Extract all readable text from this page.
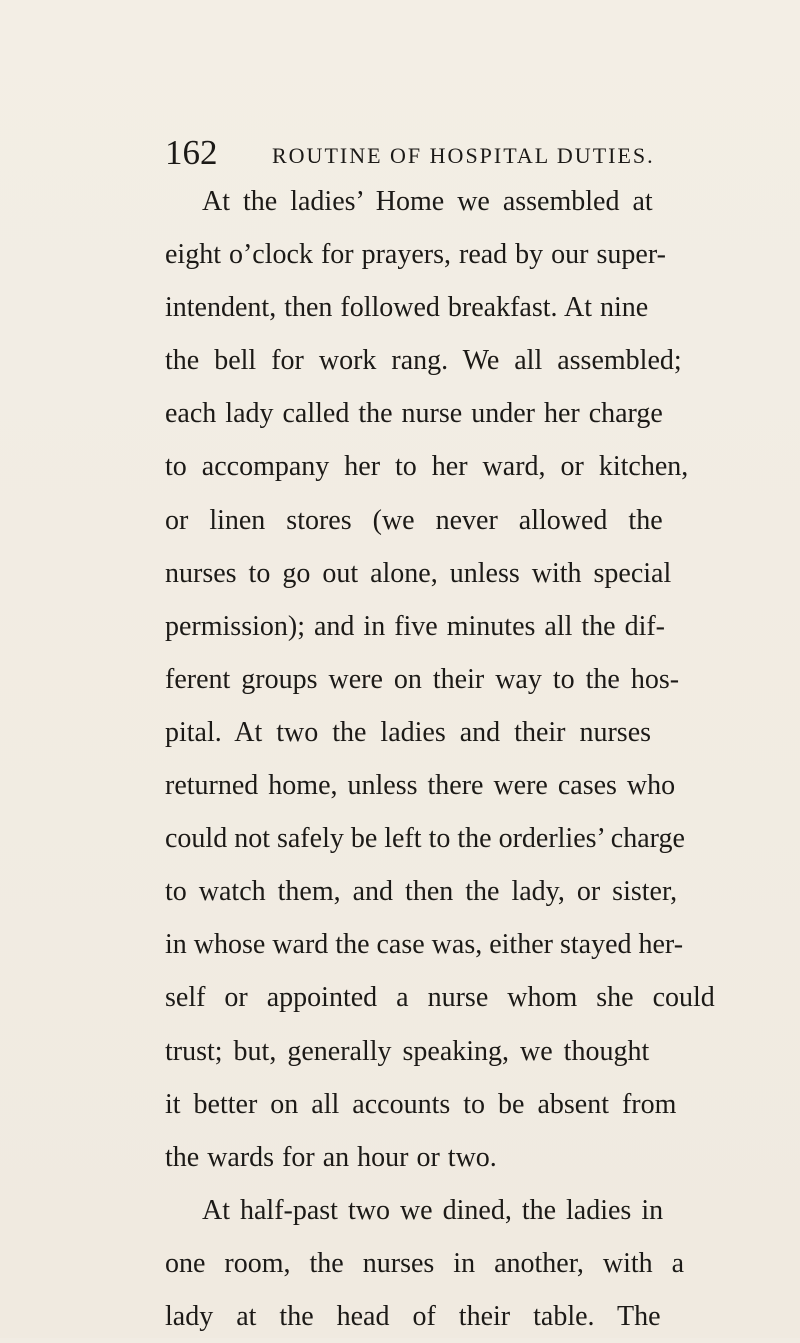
162 ROUTINE OF HOSPITAL DUTIES.
At the ladies’ Home we assembled at
eight o’clock for prayers, read by our super-
intendent, then followed breakfast. At nine
the bell for work rang. We all assembled;
each lady called the nurse under her charge
to accompany her to her ward, or kitchen,
or linen stores (we never allowed the
nurses to go out alone, unless with special
permission); and in five minutes all the dif-
ferent groups were on their way to the hos-
pital. At two the ladies and their nurses
returned home, unless there were cases who
could not safely be left to the orderlies’ charge
to watch them, and then the lady, or sister,
in whose ward the case was, either stayed her-
self or appointed a nurse whom she could
trust; but, generally speaking, we thought
it better on all accounts to be absent from
the wards for an hour or two.
At half-past two we dined, the ladies in
one room, the nurses in another, with a
lady at the head of their table. The
